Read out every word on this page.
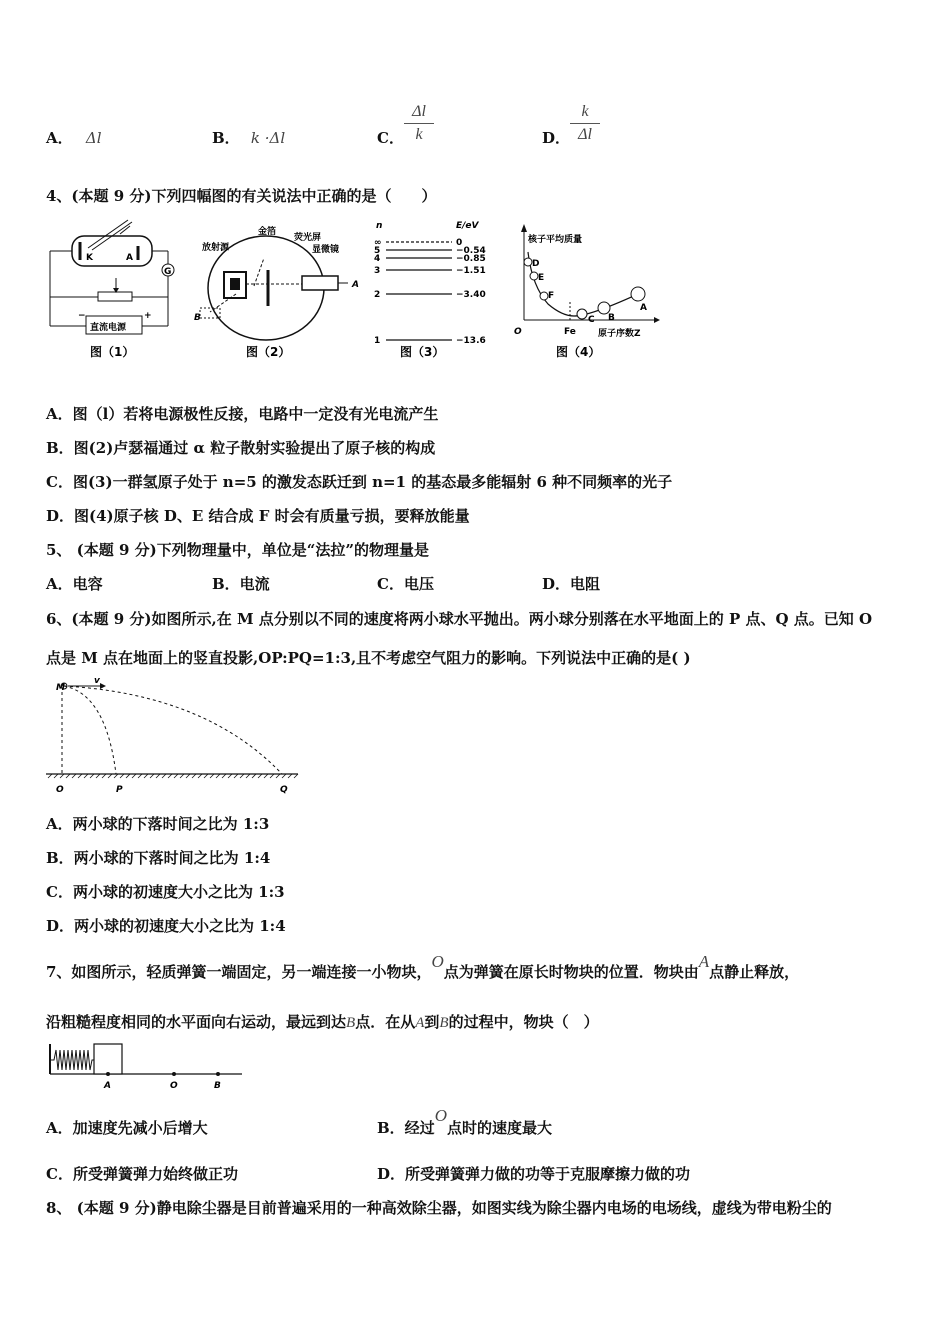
A． Δl	B． k ·Δl	C．
Δl
k	D．
k
Δl
4、(本题 9 分)下列四幅图的有关说法中正确的是（　　）
K	A
G
直流电源
−	+
图（1）
放射源
金箔
荧光屏
显微镜
A
B
图（2）
n	E/eV
∞	0
5	−0.54
4	−0.85
3	−1.51
2	−3.40
1	−13.6
图（3）
核子平均质量
原子序数Z
O	Fe
D
E
F
C B
A
图（4）
A．图（l）若将电源极性反接，电路中一定没有光电流产生
B．图(2)卢瑟福通过 α 粒子散射实验提出了原子核的构成
C．图(3)一群氢原子处于 n=5 的激发态跃迁到 n=1 的基态最多能辐射 6 种不同频率的光子
D．图(4)原子核 D、E 结合成 F 时会有质量亏损，要释放能量
5、 (本题 9 分)下列物理量中，单位是“法拉”的物理量是
A．电容	B．电流	C．电压	D．电阻
6、(本题 9 分)如图所示,在 M 点分别以不同的速度将两小球水平抛出。两小球分别落在水平地面上的 P 点、Q 点。已知 O
点是 M 点在地面上的竖直投影,OP:PQ=1:3,且不考虑空气阻力的影响。下列说法中正确的是( )
M
v
O	P	Q
A．两小球的下落时间之比为 1:3
B．两小球的下落时间之比为 1:4
C．两小球的初速度大小之比为 1:3
D．两小球的初速度大小之比为 1:4
7、如图所示，轻质弹簧一端固定，另一端连接一小物块，O点为弹簧在原长时物块的位置．物块由A点静止释放，
沿粗糙程度相同的水平面向右运动，最远到达B点．在从A到B的过程中，物块（　）
A	O	B
A．加速度先减小后增大	B．经过O点时的速度最大
C．所受弹簧弹力始终做正功	D．所受弹簧弹力做的功等于克服摩擦力做的功
8、 (本题 9 分)静电除尘器是目前普遍采用的一种高效除尘器，如图实线为除尘器内电场的电场线，虚线为带电粉尘的
